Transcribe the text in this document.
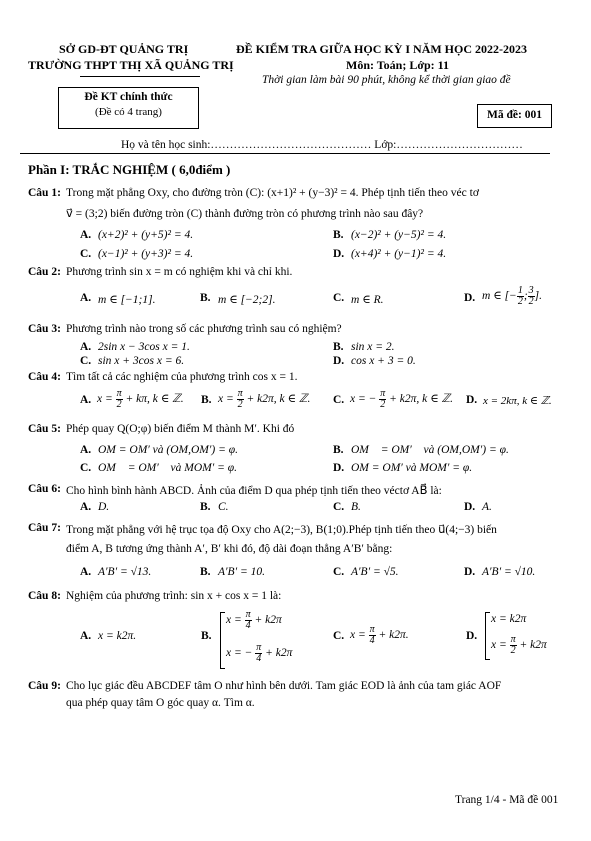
SỞ GD-ĐT QUẢNG TRỊ
TRƯỜNG THPT THỊ XÃ QUẢNG TRỊ
ĐỀ KIỂM TRA GIỮA HỌC KỲ I NĂM HỌC 2022-2023
Môn: Toán; Lớp: 11
Thời gian làm bài 90 phút, không kể thời gian giao đề
Đề KT chính thức
(Đề có 4 trang)	Mã đề: 001
Họ và tên học sinh:…………………………………… Lớp:……………………………
Phần I: TRẮC NGHIỆM ( 6,0điểm )
Câu 1: Trong mặt phẳng Oxy, cho đường tròn (C): (x+1)² + (y−3)² = 4. Phép tịnh tiến theo véc tơ
v⃗ = (3;2) biến đường tròn (C) thành đường tròn có phương trình nào sau đây?
A. (x+2)² + (y+5)² = 4.	B. (x−2)² + (y−5)² = 4.
C. (x−1)² + (y+3)² = 4.	D. (x+4)² + (y−1)² = 4.
Câu 2: Phương trình sin x = m có nghiệm khi và chỉ khi.
A. m ∈ [−1;1].	B. m ∈ [−2;2].	C. m ∈ R.	D. m ∈ [− $\frac{1}{2}$ ; $\frac{3}{2}$ ].
Câu 3: Phương trình nào trong số các phương trình sau có nghiệm?
A. 2sin x − 3cos x = 1.	B. sin x = 2.
C. sin x + 3cos x = 6.	D. cos x + 3 = 0.
Câu 4: Tìm tất cả các nghiệm của phương trình cos x = 1.
A. $x = \frac{\pi}{2} + k\pi$, k ∈ ℤ. B. $x = \frac{\pi}{2} + k2\pi$, k ∈ ℤ. C. x = − $\frac{\pi}{2} + k2\pi$, k ∈ ℤ. D. x = 2kπ, k ∈ ℤ.
Câu 5: Phép quay Q(O;φ) biến điểm M thành M′. Khi đó
A. OM = OM′ và (OM,OM′) = φ.	B. OM⃗ = OM′⃗ và (OM,OM′) = φ.
C. OM⃗ = OM′⃗ và MOM′ = φ.	D. OM = OM′ và MOM′ = φ.
Câu 6: Cho hình bình hành ABCD. Ảnh của điểm D qua phép tịnh tiến theo véctơ AB⃗ là:
A. D.	B. C.	C. B.	D. A.
Câu 7: Trong mặt phẳng với hệ trục tọa độ Oxy cho A(2;−3), B(1;0).Phép tịnh tiến theo u⃗(4;−3) biến
điểm A, B tương ứng thành A′, B′ khi đó, độ dài đoạn thẳng A′B′ bằng:
A. A′B′ = √13.	B. A′B′ = 10.	C. A′B′ = √5.	D. A′B′ = √10.
Câu 8: Nghiệm của phương trình: sin x + cos x = 1 là:
A. x = k2π.	B.
$x = \frac{\pi}{4} + k2\pi$
x = − $\frac{\pi}{4} + k2\pi$
C. $x = \frac{\pi}{4} + k2\pi$.	D.
x = k2π
$x = \frac{\pi}{2} + k2\pi$
Câu 9: Cho lục giác đều ABCDEF tâm O như hình bên dưới. Tam giác EOD là ảnh của tam giác AOF
qua phép quay tâm O góc quay α. Tìm α.
Trang 1/4 - Mã đề 001
